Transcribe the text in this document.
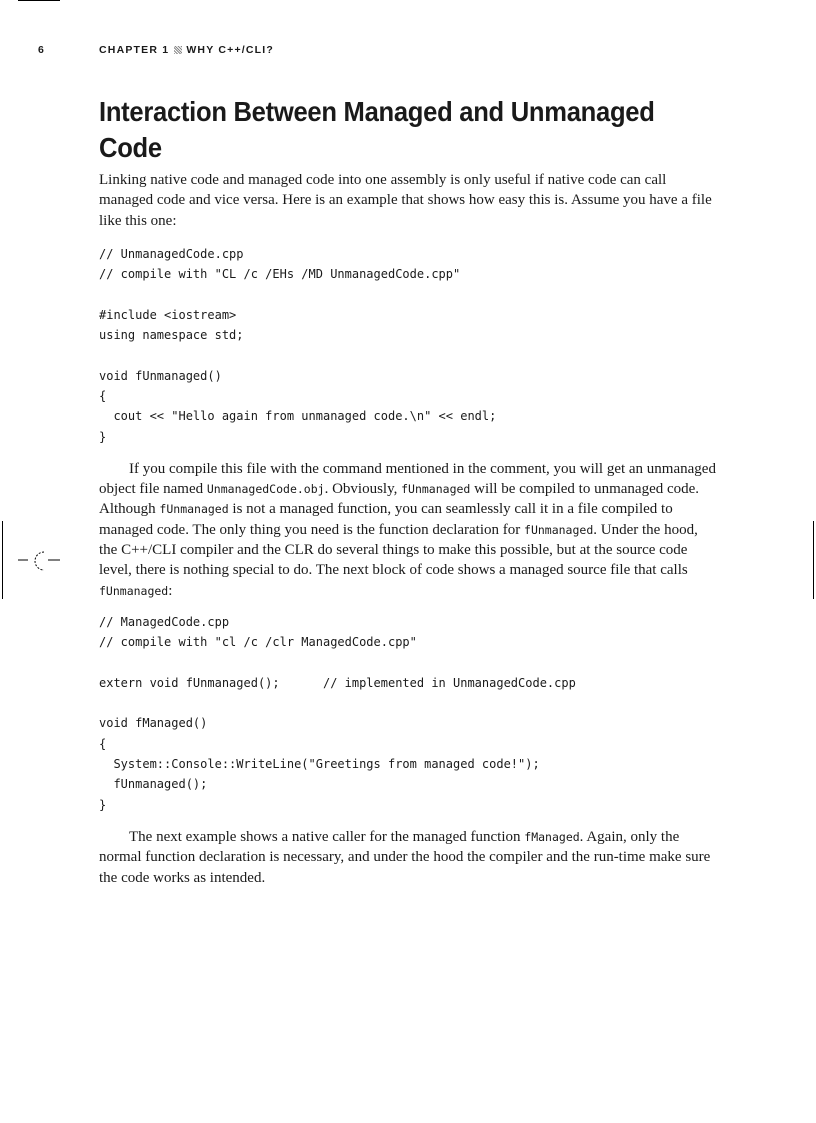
6	CHAPTER 1 WHY C++/CLI?
Interaction Between Managed and Unmanaged Code

Linking native code and managed code into one assembly is only useful if native code can call managed code and vice versa. Here is an example that shows how easy this is. Assume you have a file like this one:

// UnmanagedCode.cpp
// compile with "CL /c /EHs /MD UnmanagedCode.cpp"
#include <iostream>
using namespace std;
void fUnmanaged()
{
cout << "Hello again from unmanaged code.\n" << endl;
}

If you compile this file with the command mentioned in the comment, you will get an unmanaged object file named UnmanagedCode.obj. Obviously, fUnmanaged will be compiled to unmanaged code. Although fUnmanaged is not a managed function, you can seamlessly call it in a file compiled to managed code. The only thing you need is the function declaration for fUnmanaged. Under the hood, the C++/CLI compiler and the CLR do several things to make this possible, but at the source code level, there is nothing special to do. The next block of code shows a managed source file that calls fUnmanaged:

// ManagedCode.cpp
// compile with "cl /c /clr ManagedCode.cpp"
extern void fUnmanaged();      // implemented in UnmanagedCode.cpp
void fManaged()
{
System::Console::WriteLine("Greetings from managed code!");
fUnmanaged();
}

The next example shows a native caller for the managed function fManaged. Again, only the normal function declaration is necessary, and under the hood the compiler and the run-time make sure the code works as intended.
